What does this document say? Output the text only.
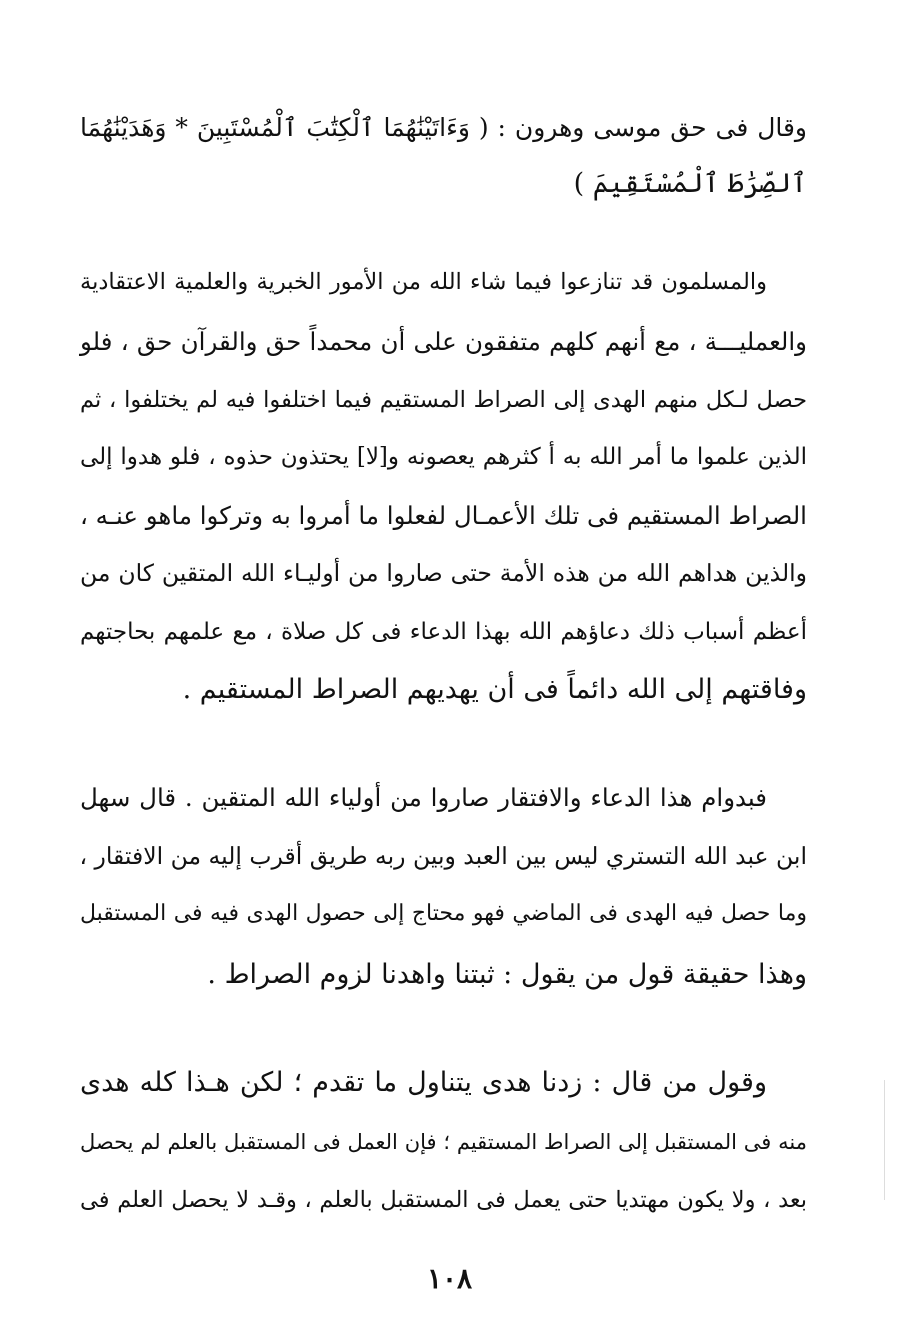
وقال فى حق موسى وهرون : ( وَءَاتَيْنَٰهُمَا ٱلْكِتَٰبَ ٱلْمُسْتَبِينَ * وَهَدَيْنَٰهُمَا
ٱلصِّرَٰطَ ٱلْمُسْتَقِيمَ )
والمسلمون قد تنازعوا فيما شاء الله من الأمور الخبرية والعلمية الاعتقادية
والعمليـــة ، مع أنهم كلهم متفقون على أن محمداً حق والقرآن حق ، فلو
حصل لـكل منهم الهدى إلى الصراط المستقيم فيما اختلفوا فيه لم يختلفوا ، ثم
الذين علموا ما أمر الله به أ كثرهم يعصونه و[لا] يحتذون حذوه ، فلو هدوا إلى
الصراط المستقيم فى تلك الأعمـال لفعلوا ما أمروا به وتركوا ماهو عنـه ،
والذين هداهم الله من هذه الأمة حتى صاروا من أوليـاء الله المتقين كان من
أعظم أسباب ذلك دعاؤهم الله بهذا الدعاء فى كل صلاة ، مع علمهم بحاجتهم
وفاقتهم إلى الله دائماً فى أن يهديهم الصراط المستقيم .
فبدوام هذا الدعاء والافتقار صاروا من أولياء الله المتقين . قال سهل
ابن عبد الله التستري ليس بين العبد وبين ربه طريق أقرب إليه من الافتقار ،
وما حصل فيه الهدى فى الماضي فهو محتاج إلى حصول الهدى فيه فى المستقبل
وهذا حقيقة قول من يقول : ثبتنا واهدنا لزوم الصراط .
وقول من قال : زدنا هدى يتناول ما تقدم ؛ لكن هـذا كله هدى
منه فى المستقبل إلى الصراط المستقيم ؛ فإن العمل فى المستقبل بالعلم لم يحصل
بعد ، ولا يكون مهتديا حتى يعمل فى المستقبل بالعلم ، وقـد لا يحصل العلم فى
١٠٨
